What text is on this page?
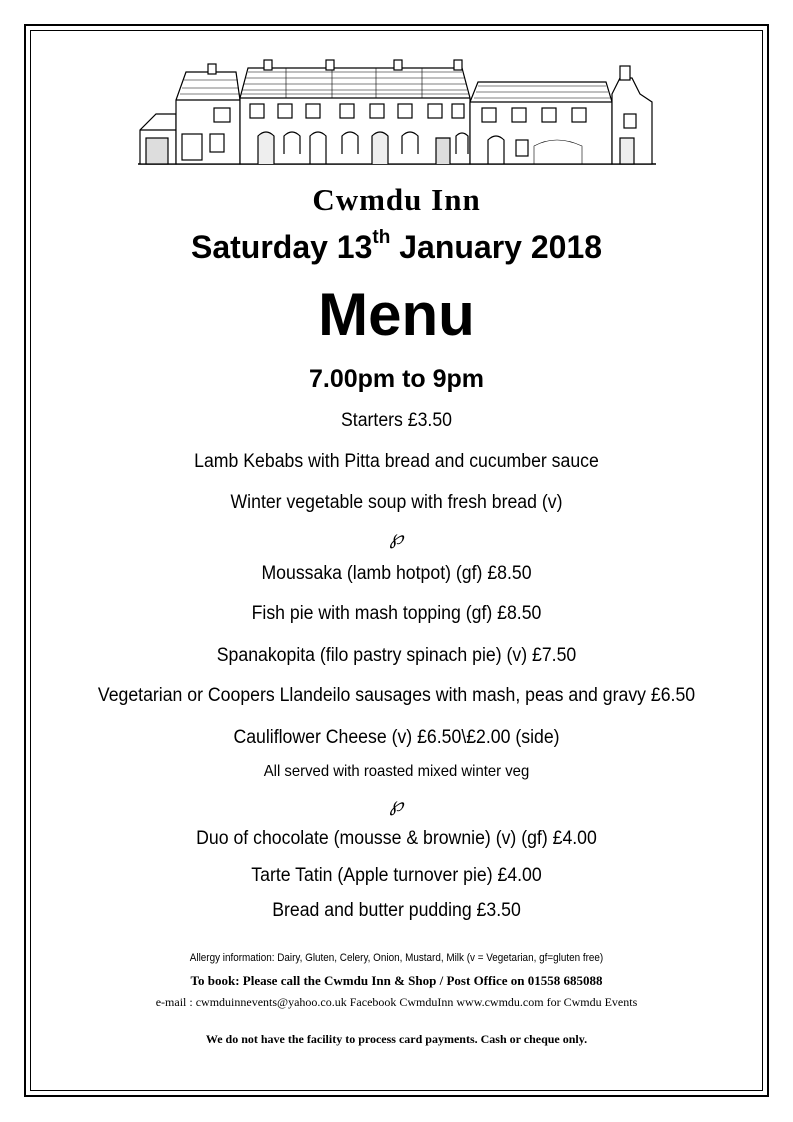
Cwmdu Inn
Saturday 13th January 2018
Menu
7.00pm to 9pm
Starters £3.50
Lamb Kebabs with Pitta bread and cucumber sauce
Winter vegetable soup with fresh bread (v)
℘
Moussaka (lamb hotpot) (gf) £8.50
Fish pie with mash topping (gf) £8.50
Spanakopita (filo pastry spinach pie) (v) £7.50
Vegetarian or Coopers Llandeilo sausages with mash, peas and gravy £6.50
Cauliflower Cheese (v) £6.50\£2.00 (side)
All served with roasted mixed winter veg
℘
Duo of chocolate (mousse & brownie) (v) (gf) £4.00
Tarte Tatin (Apple turnover pie) £4.00
Bread and butter pudding £3.50
Allergy information: Dairy, Gluten, Celery, Onion, Mustard, Milk (v = Vegetarian, gf=gluten free)
To book: Please call the Cwmdu Inn & Shop / Post Office on 01558 685088
e-mail : cwmduinnevents@yahoo.co.uk Facebook CwmduInn www.cwmdu.com for Cwmdu Events
We do not have the facility to process card payments. Cash or cheque only.
